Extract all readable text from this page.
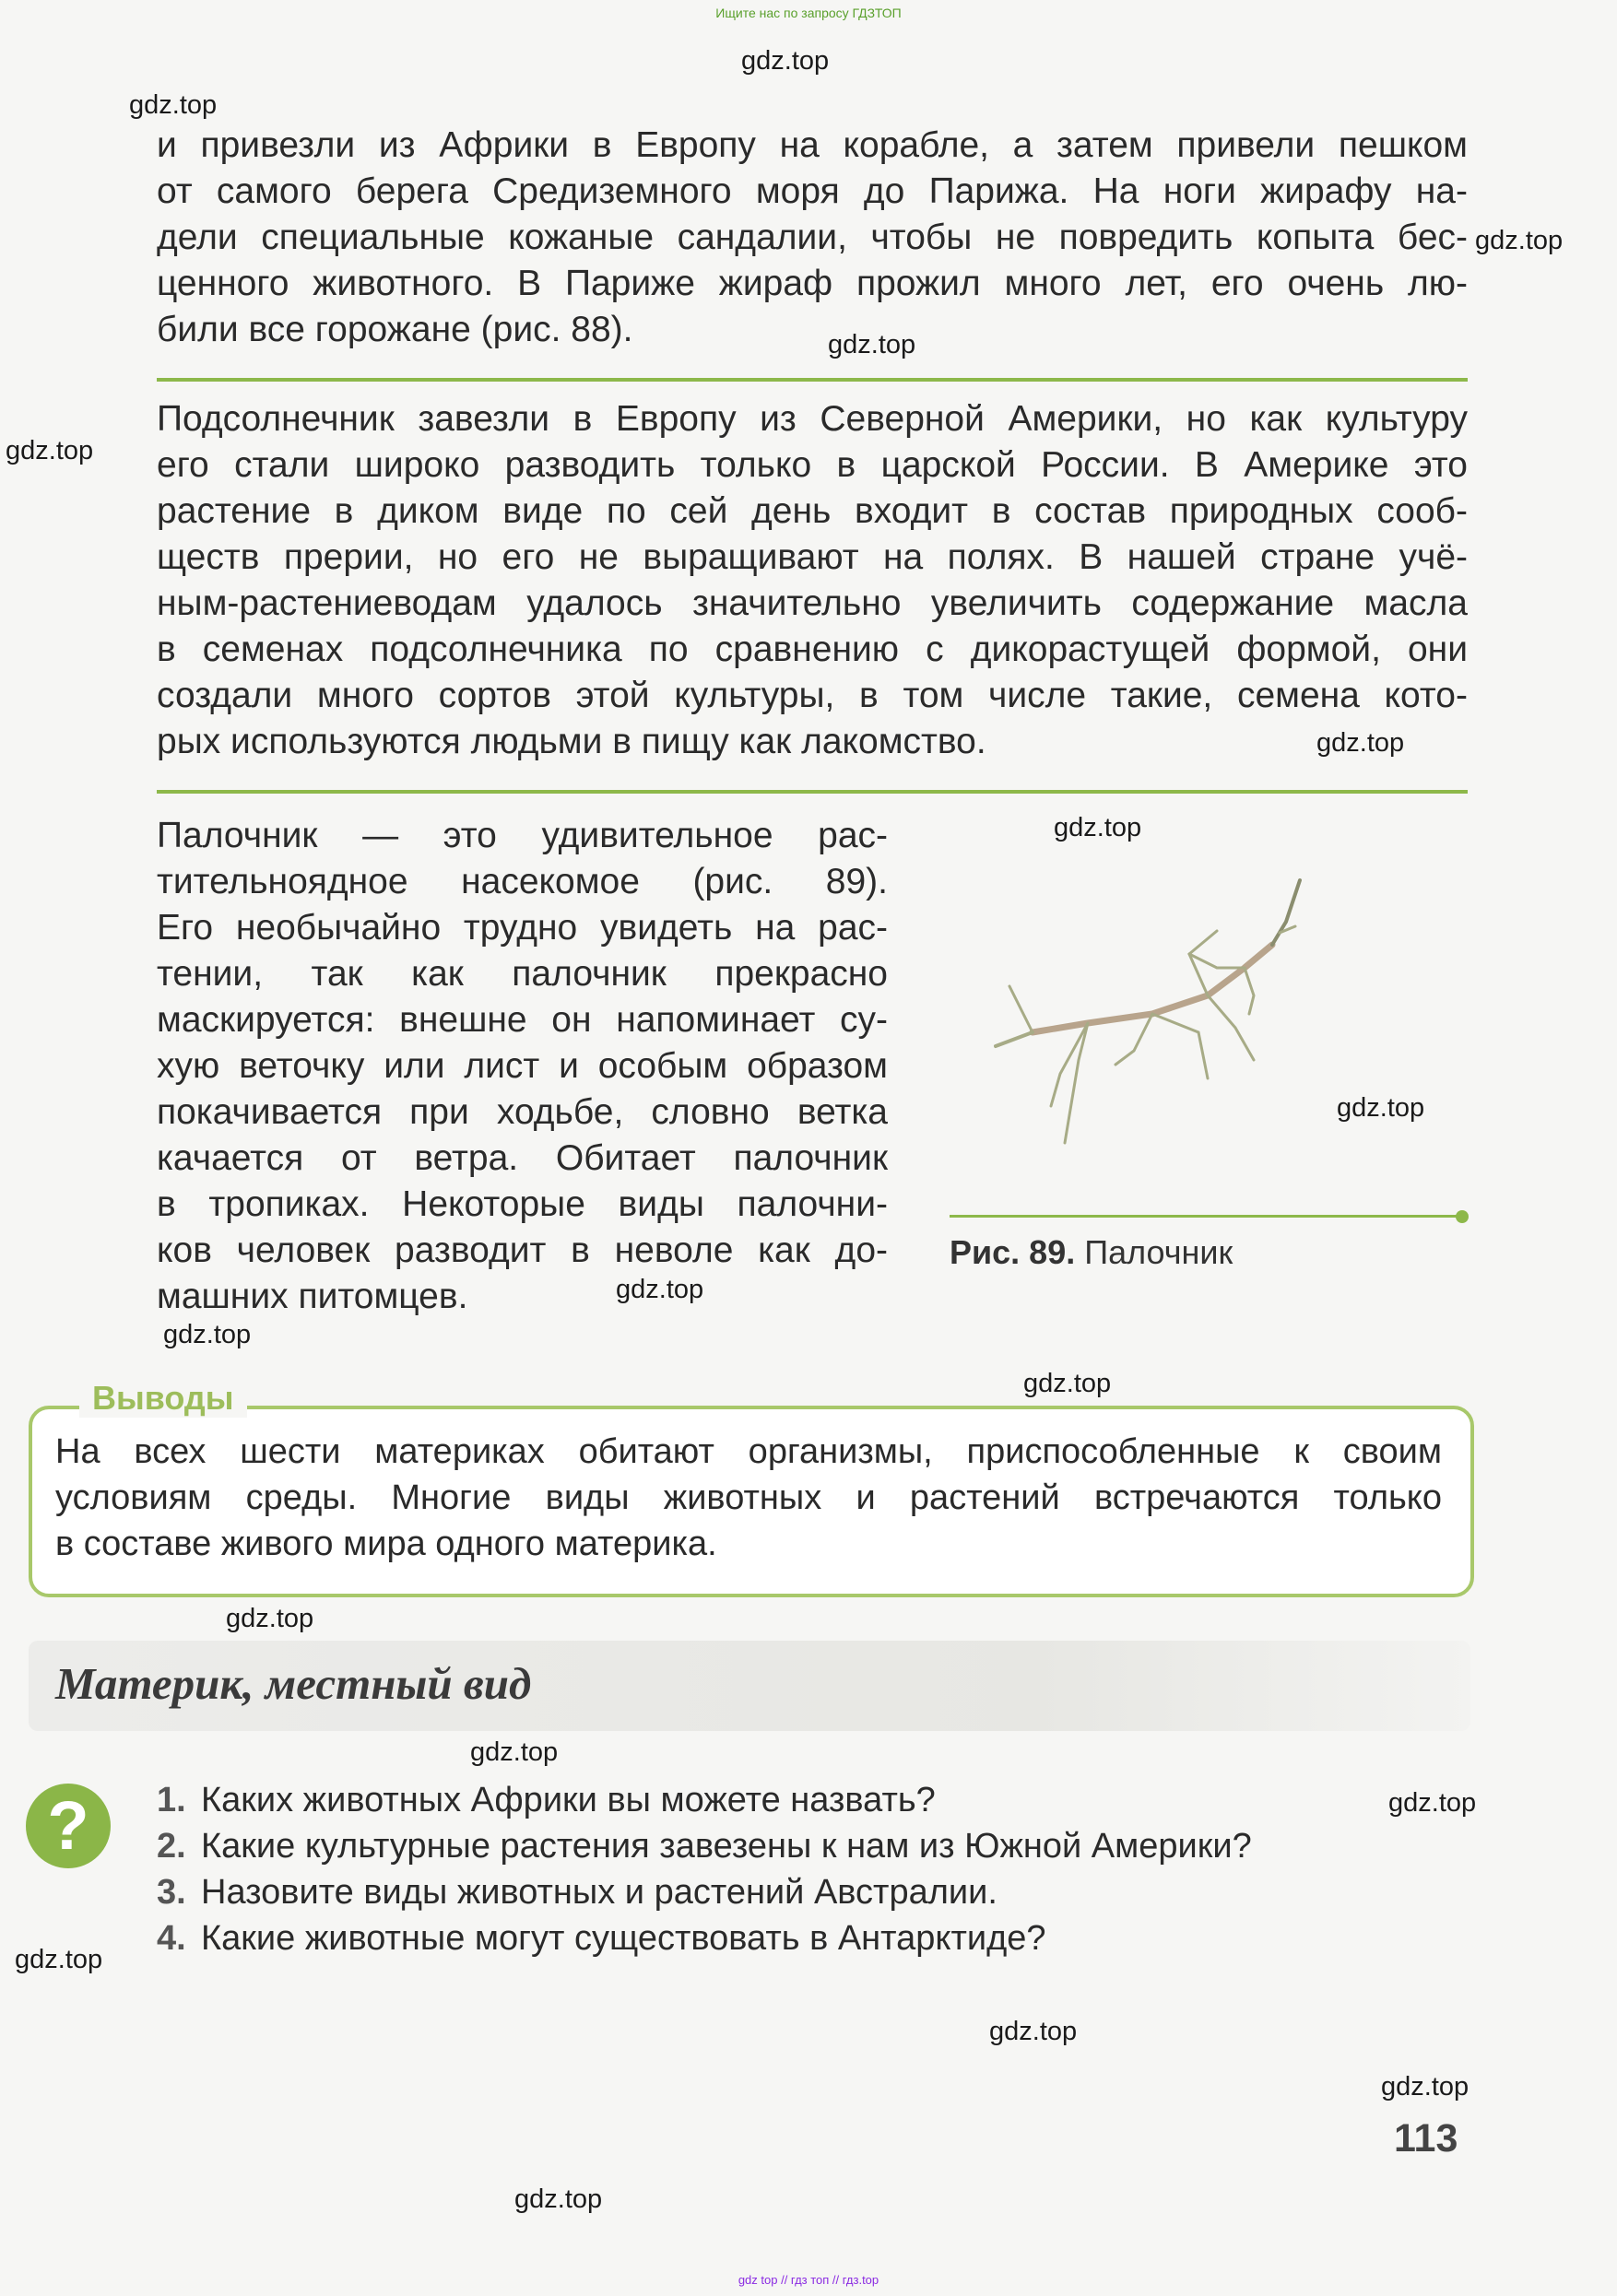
Ищите нас по запросу ГДЗТОП
gdz.top
gdz.top
gdz.top
gdz.top
gdz.top
gdz.top
gdz.top
gdz.top
gdz.top
gdz.top
gdz.top
gdz.top
gdz.top
gdz.top
gdz.top
gdz.top
gdz.top
gdz.top
и привезли из Африки в Европу на корабле, а затем привели пешком
от самого берега Средиземного моря до Парижа. На ноги жирафу на-
дели специальные кожаные сандалии, чтобы не повредить копыта бес-
ценного животного. В Париже жираф прожил много лет, его очень лю-
били все горожане (рис. 88).
Подсолнечник завезли в Европу из Северной Америки, но как культуру
его стали широко разводить только в царской России. В Америке это
растение в диком виде по сей день входит в состав природных сооб-
ществ прерии, но его не выращивают на полях. В нашей стране учё-
ным-растениеводам удалось значительно увеличить содержание масла
в семенах подсолнечника по сравнению с дикорастущей формой, они
создали много сортов этой культуры, в том числе такие, семена кото-
рых используются людьми в пищу как лакомство.
Палочник — это удивительное рас-
тительноядное насекомое (рис. 89).
Его необычайно трудно увидеть на рас-
тении, так как палочник прекрасно
маскируется: внешне он напоминает су-
хую веточку или лист и особым образом
покачивается при ходьбе, словно ветка
качается от ветра. Обитает палочник
в тропиках. Некоторые виды палочни-
ков человек разводит в неволе как до-
машних питомцев.
Рис. 89. Палочник
Выводы
На всех шести материках обитают организмы, приспособленные к своим
условиям среды. Многие виды животных и растений встречаются только
в составе живого мира одного материка.
Материк, местный вид
? 1. Каких животных Африки вы можете назвать?
2. Какие культурные растения завезены к нам из Южной Америки?
3. Назовите виды животных и растений Австралии.
4. Какие животные могут существовать в Антарктиде?
113
gdz top // гдз топ // гдз.top
